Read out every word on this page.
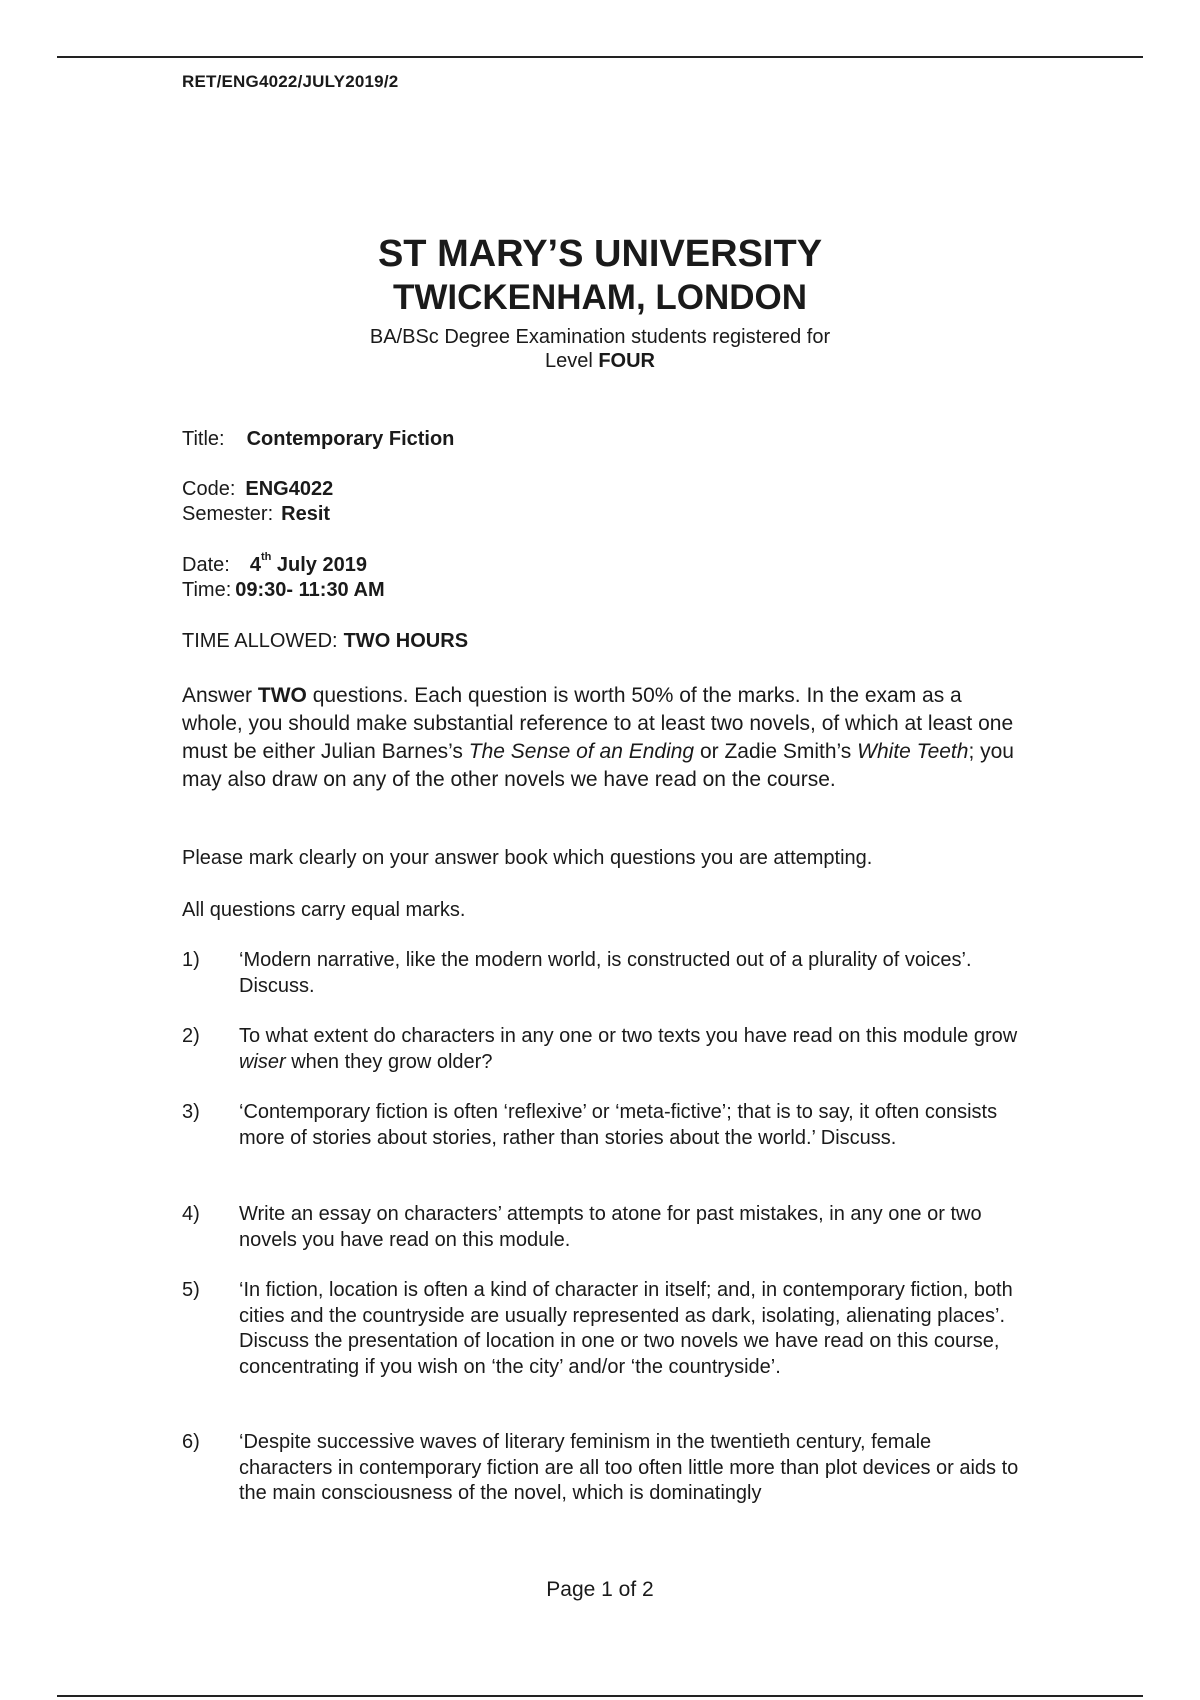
RET/ENG4022/JULY2019/2
ST MARY’S UNIVERSITY
TWICKENHAM, LONDON
BA/BSc Degree Examination students registered for
Level FOUR
Title: Contemporary Fiction
Code: ENG4022
Semester: Resit
Date: 4th July 2019
Time: 09:30- 11:30 AM
TIME ALLOWED: TWO HOURS
Answer TWO questions. Each question is worth 50% of the marks. In the exam as a whole, you should make substantial reference to at least two novels, of which at least one must be either Julian Barnes’s The Sense of an Ending or Zadie Smith’s White Teeth; you may also draw on any of the other novels we have read on the course.
Please mark clearly on your answer book which questions you are attempting.
All questions carry equal marks.
1)	‘Modern narrative, like the modern world, is constructed out of a plurality of voices’. Discuss.
2)	To what extent do characters in any one or two texts you have read on this module grow wiser when they grow older?
3)	‘Contemporary fiction is often ‘reflexive’ or ‘meta-fictive’; that is to say, it often consists more of stories about stories, rather than stories about the world.’ Discuss.
4)	Write an essay on characters’ attempts to atone for past mistakes, in any one or two novels you have read on this module.
5)	‘In fiction, location is often a kind of character in itself; and, in contemporary fiction, both cities and the countryside are usually represented as dark, isolating, alienating places’. Discuss the presentation of location in one or two novels we have read on this course, concentrating if you wish on ‘the city’ and/or ‘the countryside’.
6)	‘Despite successive waves of literary feminism in the twentieth century, female characters in contemporary fiction are all too often little more than plot devices or aids to the main consciousness of the novel, which is dominatingly
Page 1 of 2
